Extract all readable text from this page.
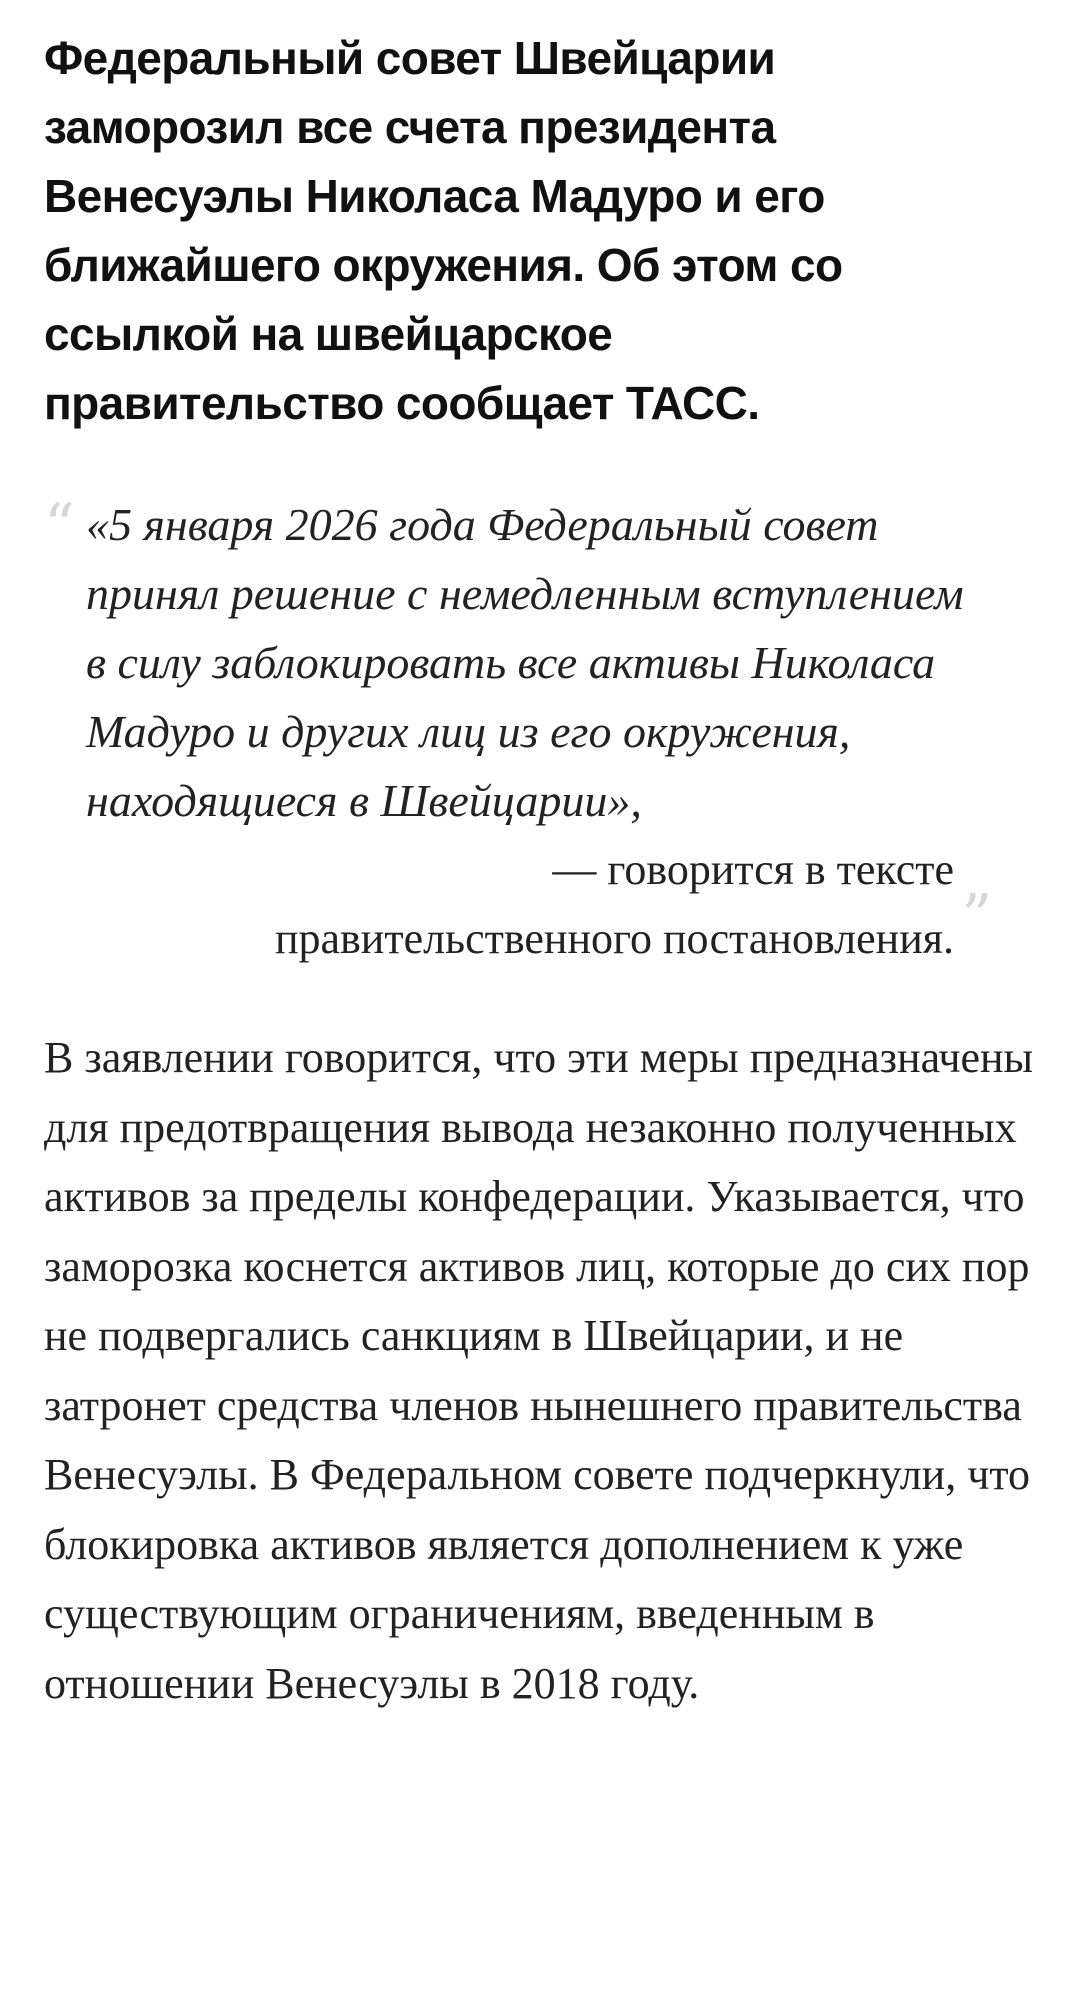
Федеральный совет Швейцарии заморозил все счета президента Венесуэлы Николаса Мадуро и его ближайшего окружения. Об этом со ссылкой на швейцарское правительство сообщает ТАСС.

“ «5 января 2026 года Федеральный совет принял решение с немедленным вступлением в силу заблокировать все активы Николаса Мадуро и других лиц из его окружения, находящиеся в Швейцарии»,

— говорится в тексте правительственного постановления. ”

В заявлении говорится, что эти меры предназначены для предотвращения вывода незаконно полученных активов за пределы конфедерации. Указывается, что заморозка коснется активов лиц, которые до сих пор не подвергались санкциям в Швейцарии, и не затронет средства членов нынешнего правительства Венесуэлы. В Федеральном совете подчеркнули, что блокировка активов является дополнением к уже существующим ограничениям, введенным в отношении Венесуэлы в 2018 году.
